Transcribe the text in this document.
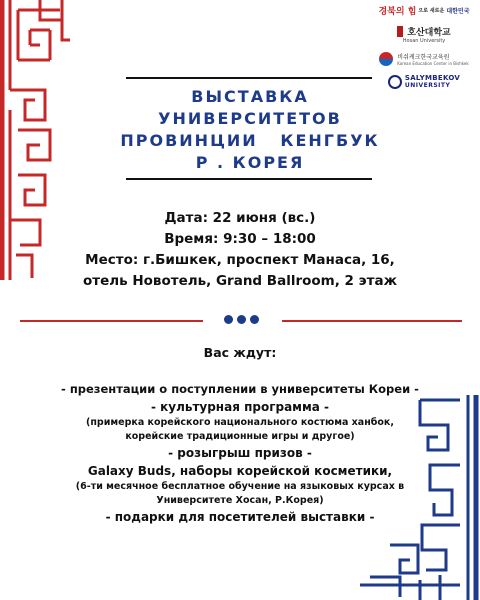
경북의 힘 으로 새로운 대한민국
호산대학교
Hosan University
비쉬케크한국교육원
Korean Education Center in Bishkek
SALYMBEKOV
UNIVERSITY
ВЫСТАВКА
УНИВЕРСИТЕТОВ
ПРОВИНЦИИ   КЕНГБУК
Р . КОРЕЯ
Дата: 22 июня (вс.)
Время: 9:30 – 18:00
Место: г.Бишкек, проспект Манаса, 16,
отель Новотель, Grand Ballroom, 2 этаж
Вас ждут:
- презентации о поступлении в университеты Кореи -
- культурная программа -
(примерка корейского национального костюма ханбок,
корейские традиционные игры и другое)
- розыгрыш призов -
Galaxy Buds, наборы корейской косметики,
(6-ти месячное бесплатное обучение на языковых курсах в
Университете Хосан, Р.Корея)
- подарки для посетителей выставки -
